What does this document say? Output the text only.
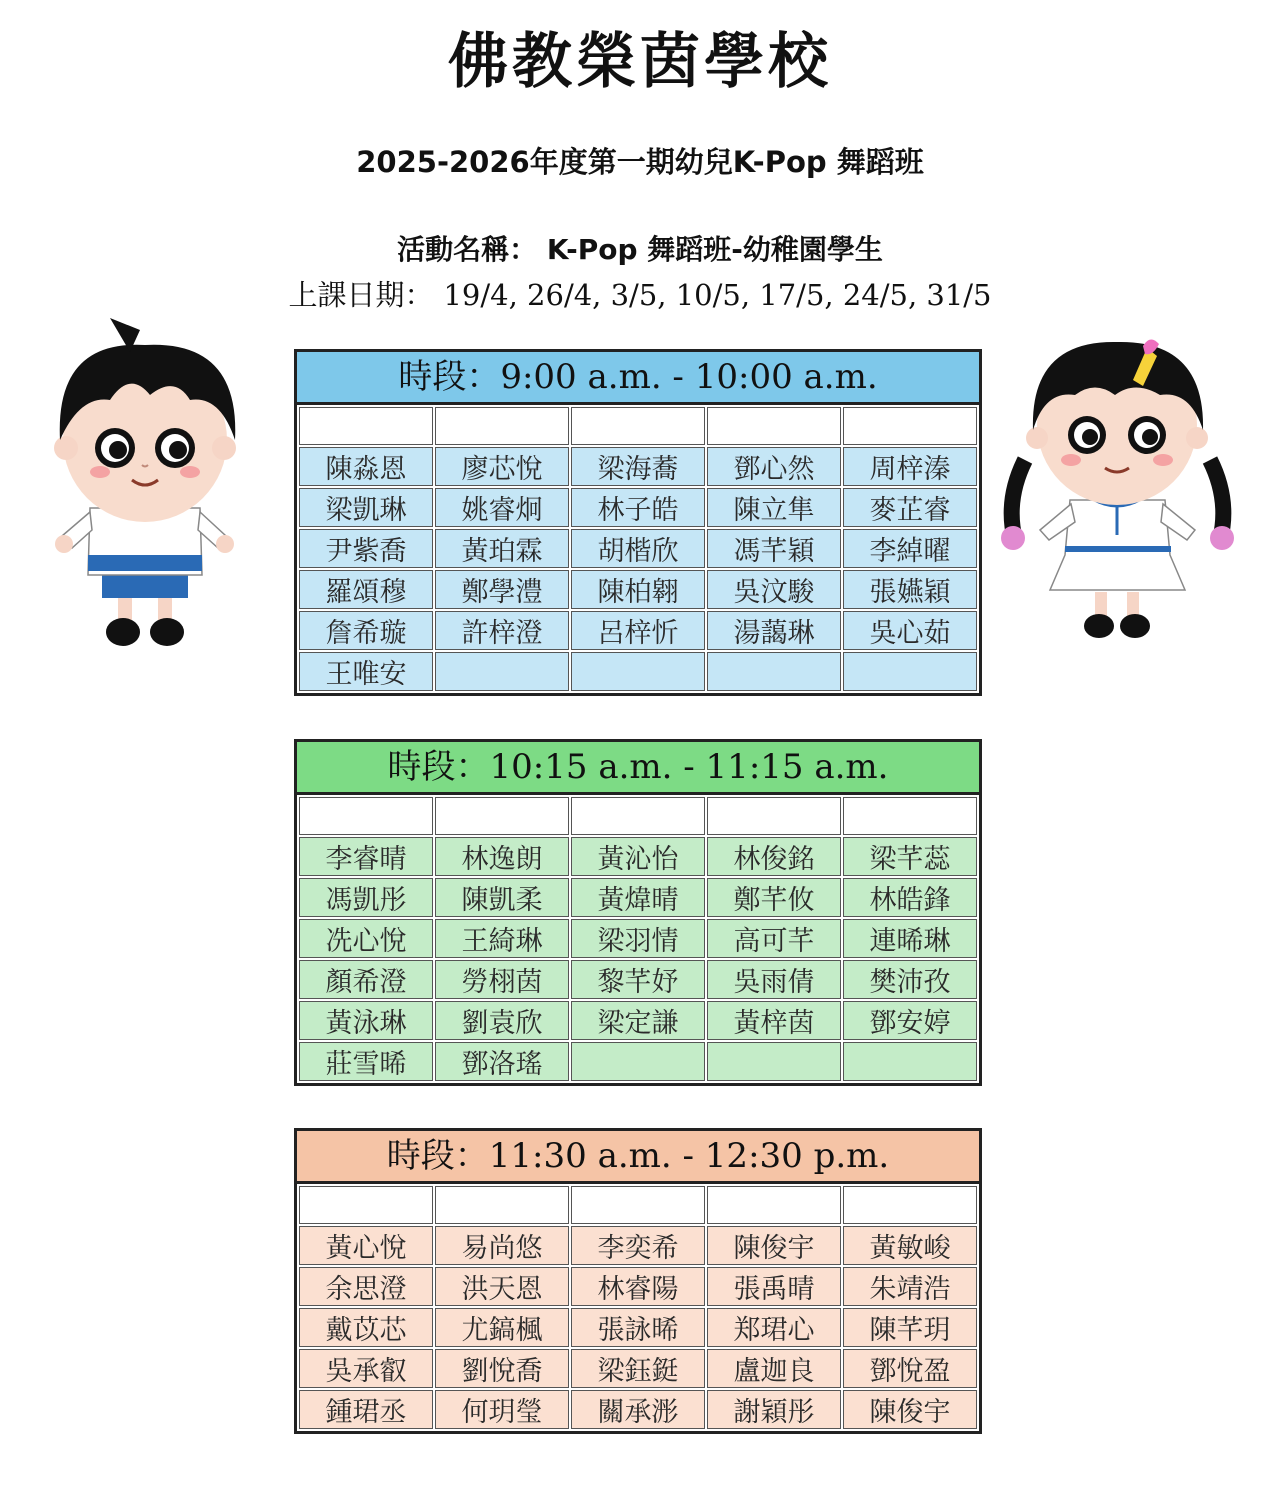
佛教榮茵學校
2025-2026年度第一期幼兒K-Pop 舞蹈班
活動名稱： K-Pop 舞蹈班-幼稚園學生
上課日期： 19/4, 26/4, 3/5, 10/5, 17/5, 24/5, 31/5
時段：9:00 a.m. - 10:00 a.m.

陳淼恩	廖芯悅	梁海蕎	鄧心然	周梓溱
梁凱琳	姚睿炯	林子皓	陳立隼	麥芷睿
尹紫喬	黃珀霖	胡楷欣	馮芊穎	李綽曜
羅頌穆	鄭學澧	陳柏翱	吳汶駿	張嬿穎
詹希璇	許梓澄	呂梓忻	湯藹琳	吳心茹
王唯安				
時段：10:15 a.m. - 11:15 a.m.

李睿晴	林逸朗	黃沁怡	林俊銘	梁芊蕊
馮凱彤	陳凱柔	黃煒晴	鄭芊攸	林皓鋒
冼心悅	王綺琳	梁羽情	高可芊	連晞琳
顏希澄	勞栩茵	黎芊妤	吳雨倩	樊沛孜
黃泳琳	劉袁欣	梁定謙	黃梓茵	鄧安婷
莊雪晞	鄧洛瑤			
時段：11:30 a.m. - 12:30 p.m.

黃心悅	易尚悠	李奕希	陳俊宇	黃敏峻
余思澄	洪天恩	林睿陽	張禹晴	朱靖浩
戴苡芯	尤鎬楓	張詠晞	郑珺心	陳芊玥
吳承叡	劉悅喬	梁鈺鋌	盧迦良	鄧悅盈
鍾珺丞	何玥瑩	關承浵	謝穎彤	陳俊宇
